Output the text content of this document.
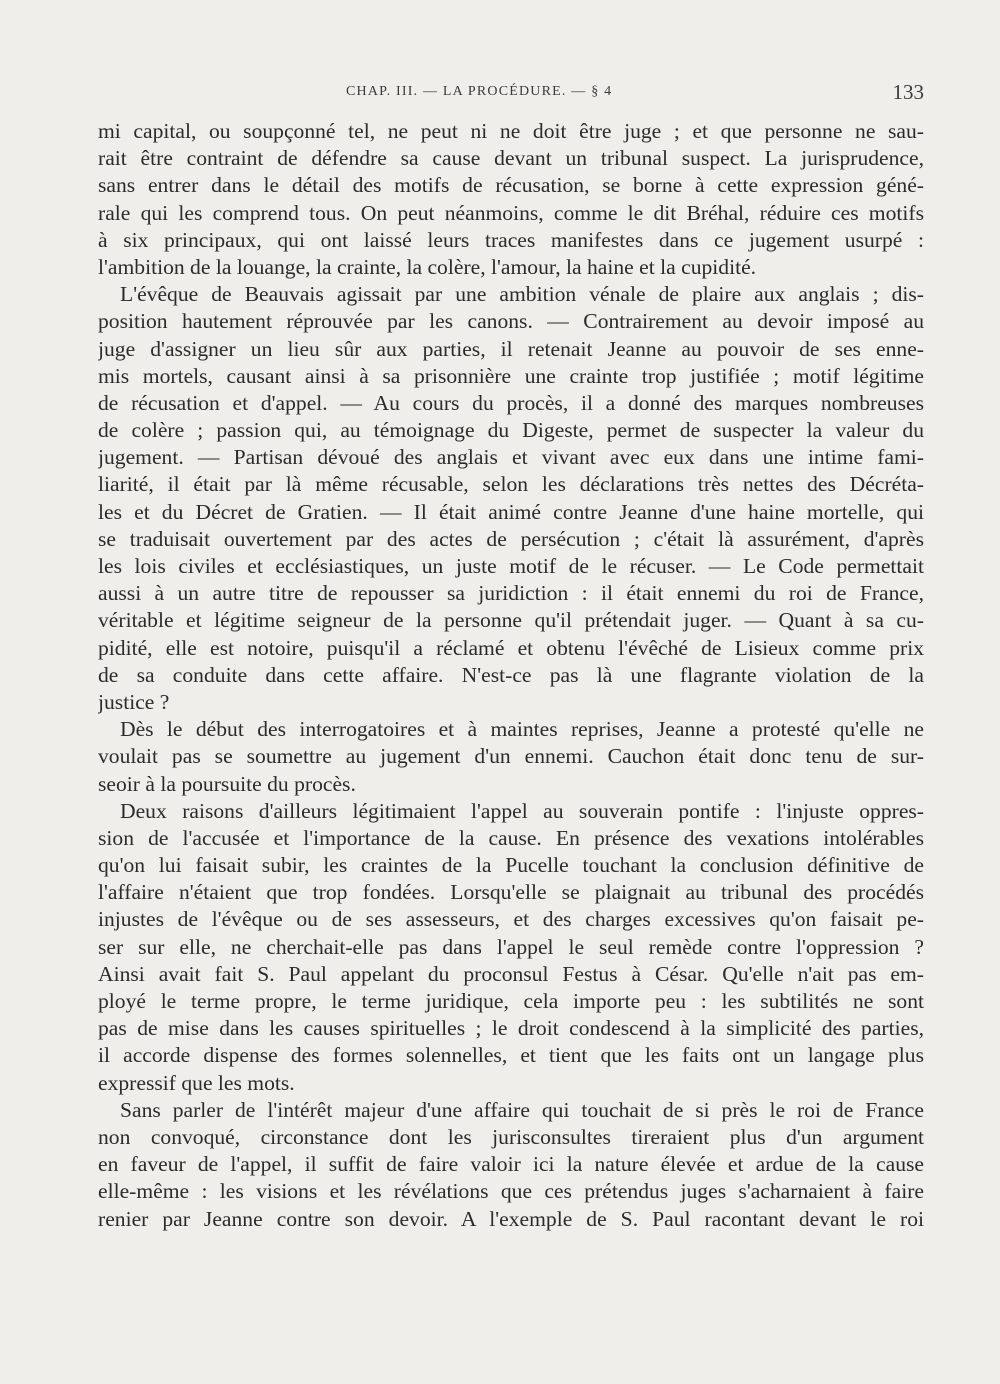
CHAP. III. — LA PROCÉDURE. — § 4	133
mi capital, ou soupçonné tel, ne peut ni ne doit être juge ; et que personne ne sau-
rait être contraint de défendre sa cause devant un tribunal suspect. La jurisprudence,
sans entrer dans le détail des motifs de récusation, se borne à cette expression géné-
rale qui les comprend tous. On peut néanmoins, comme le dit Bréhal, réduire ces motifs
à six principaux, qui ont laissé leurs traces manifestes dans ce jugement usurpé :
l'ambition de la louange, la crainte, la colère, l'amour, la haine et la cupidité.
L'évêque de Beauvais agissait par une ambition vénale de plaire aux anglais ; dis-
position hautement réprouvée par les canons. — Contrairement au devoir imposé au
juge d'assigner un lieu sûr aux parties, il retenait Jeanne au pouvoir de ses enne-
mis mortels, causant ainsi à sa prisonnière une crainte trop justifiée ; motif légitime
de récusation et d'appel. — Au cours du procès, il a donné des marques nombreuses
de colère ; passion qui, au témoignage du Digeste, permet de suspecter la valeur du
jugement. — Partisan dévoué des anglais et vivant avec eux dans une intime fami-
liarité, il était par là même récusable, selon les déclarations très nettes des Décréta-
les et du Décret de Gratien. — Il était animé contre Jeanne d'une haine mortelle, qui
se traduisait ouvertement par des actes de persécution ; c'était là assurément, d'après
les lois civiles et ecclésiastiques, un juste motif de le récuser. — Le Code permettait
aussi à un autre titre de repousser sa juridiction : il était ennemi du roi de France,
véritable et légitime seigneur de la personne qu'il prétendait juger. — Quant à sa cu-
pidité, elle est notoire, puisqu'il a réclamé et obtenu l'évêché de Lisieux comme prix
de sa conduite dans cette affaire. N'est-ce pas là une flagrante violation de la
justice ?
Dès le début des interrogatoires et à maintes reprises, Jeanne a protesté qu'elle ne
voulait pas se soumettre au jugement d'un ennemi. Cauchon était donc tenu de sur-
seoir à la poursuite du procès.
Deux raisons d'ailleurs légitimaient l'appel au souverain pontife : l'injuste oppres-
sion de l'accusée et l'importance de la cause. En présence des vexations intolérables
qu'on lui faisait subir, les craintes de la Pucelle touchant la conclusion définitive de
l'affaire n'étaient que trop fondées. Lorsqu'elle se plaignait au tribunal des procédés
injustes de l'évêque ou de ses assesseurs, et des charges excessives qu'on faisait pe-
ser sur elle, ne cherchait-elle pas dans l'appel le seul remède contre l'oppression ?
Ainsi avait fait S. Paul appelant du proconsul Festus à César. Qu'elle n'ait pas em-
ployé le terme propre, le terme juridique, cela importe peu : les subtilités ne sont
pas de mise dans les causes spirituelles ; le droit condescend à la simplicité des parties,
il accorde dispense des formes solennelles, et tient que les faits ont un langage plus
expressif que les mots.
Sans parler de l'intérêt majeur d'une affaire qui touchait de si près le roi de France
non convoqué, circonstance dont les jurisconsultes tireraient plus d'un argument
en faveur de l'appel, il suffit de faire valoir ici la nature élevée et ardue de la cause
elle-même : les visions et les révélations que ces prétendus juges s'acharnaient à faire
renier par Jeanne contre son devoir. A l'exemple de S. Paul racontant devant le roi
